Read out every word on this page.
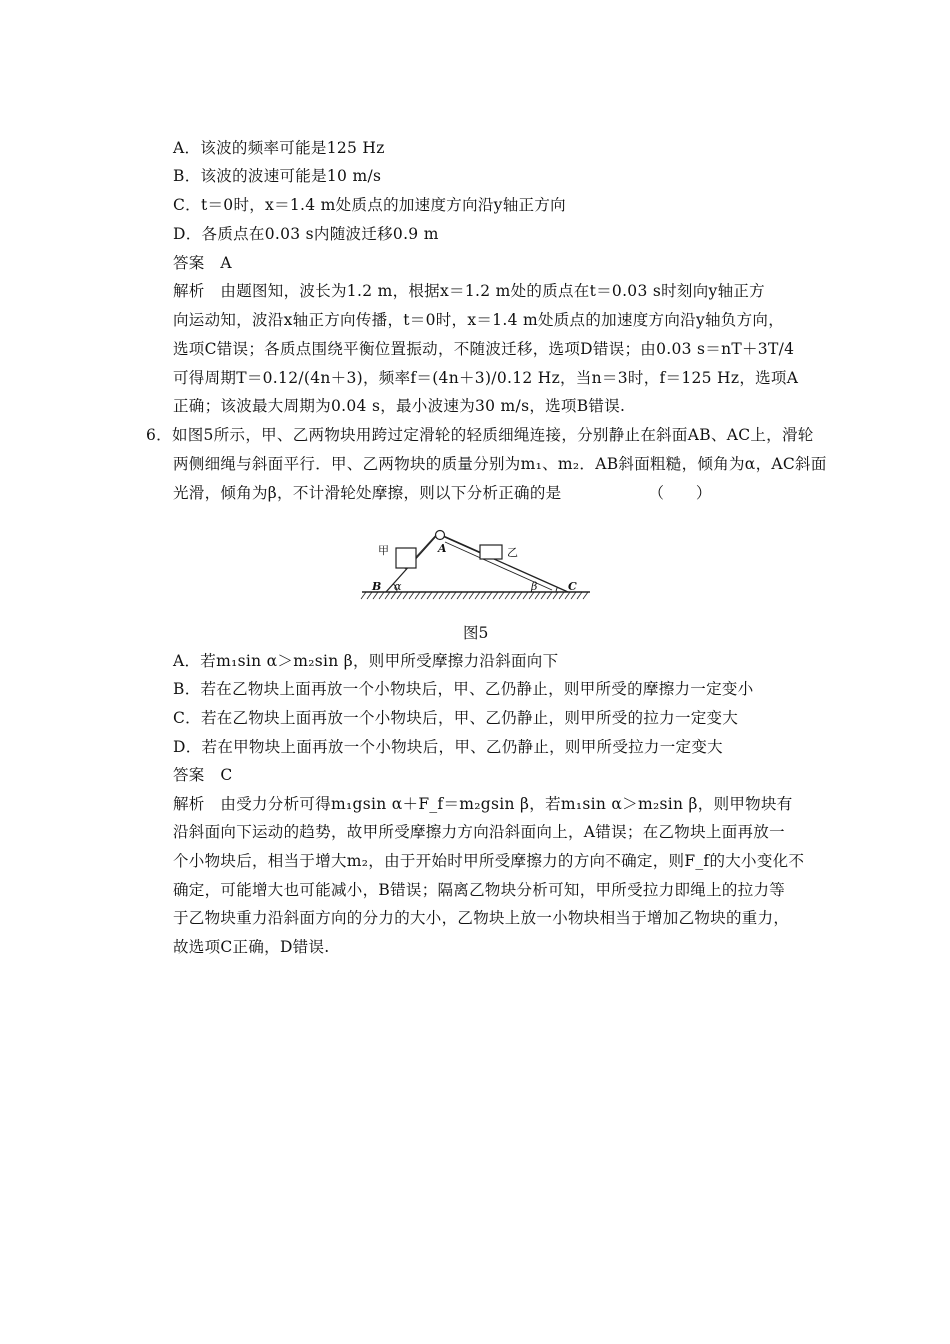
A．该波的频率可能是125 Hz
B．该波的波速可能是10 m/s
C．t＝0时，x＝1.4 m处质点的加速度方向沿y轴正方向
D．各质点在0.03 s内随波迁移0.9 m
答案　A
解析　由题图知，波长为1.2 m，根据x＝1.2 m处的质点在t＝0.03 s时刻向y轴正方
向运动知，波沿x轴正方向传播，t＝0时，x＝1.4 m处质点的加速度方向沿y轴负方向，
选项C错误；各质点围绕平衡位置振动，不随波迁移，选项D错误；由0.03 s＝nT＋3T/4
可得周期T＝0.12/(4n＋3)，频率f＝(4n＋3)/0.12 Hz，当n＝3时，f＝125 Hz，选项A
正确；该波最大周期为0.04 s，最小波速为30 m/s，选项B错误.
6．如图5所示，甲、乙两物块用跨过定滑轮的轻质细绳连接，分别静止在斜面AB、AC上，滑轮
两侧细绳与斜面平行．甲、乙两物块的质量分别为m₁、m₂．AB斜面粗糙，倾角为α，AC斜面
光滑，倾角为β，不计滑轮处摩擦，则以下分析正确的是　　　　　　（　　）
甲	乙
A
B	C
α	β
图5
A．若m₁sin α＞m₂sin β，则甲所受摩擦力沿斜面向下
B．若在乙物块上面再放一个小物块后，甲、乙仍静止，则甲所受的摩擦力一定变小
C．若在乙物块上面再放一个小物块后，甲、乙仍静止，则甲所受的拉力一定变大
D．若在甲物块上面再放一个小物块后，甲、乙仍静止，则甲所受拉力一定变大
答案　C
解析　由受力分析可得m₁gsin α＋F_f＝m₂gsin β，若m₁sin α＞m₂sin β，则甲物块有
沿斜面向下运动的趋势，故甲所受摩擦力方向沿斜面向上，A错误；在乙物块上面再放一
个小物块后，相当于增大m₂，由于开始时甲所受摩擦力的方向不确定，则F_f的大小变化不
确定，可能增大也可能减小，B错误；隔离乙物块分析可知，甲所受拉力即绳上的拉力等
于乙物块重力沿斜面方向的分力的大小，乙物块上放一小物块相当于增加乙物块的重力，
故选项C正确，D错误.
